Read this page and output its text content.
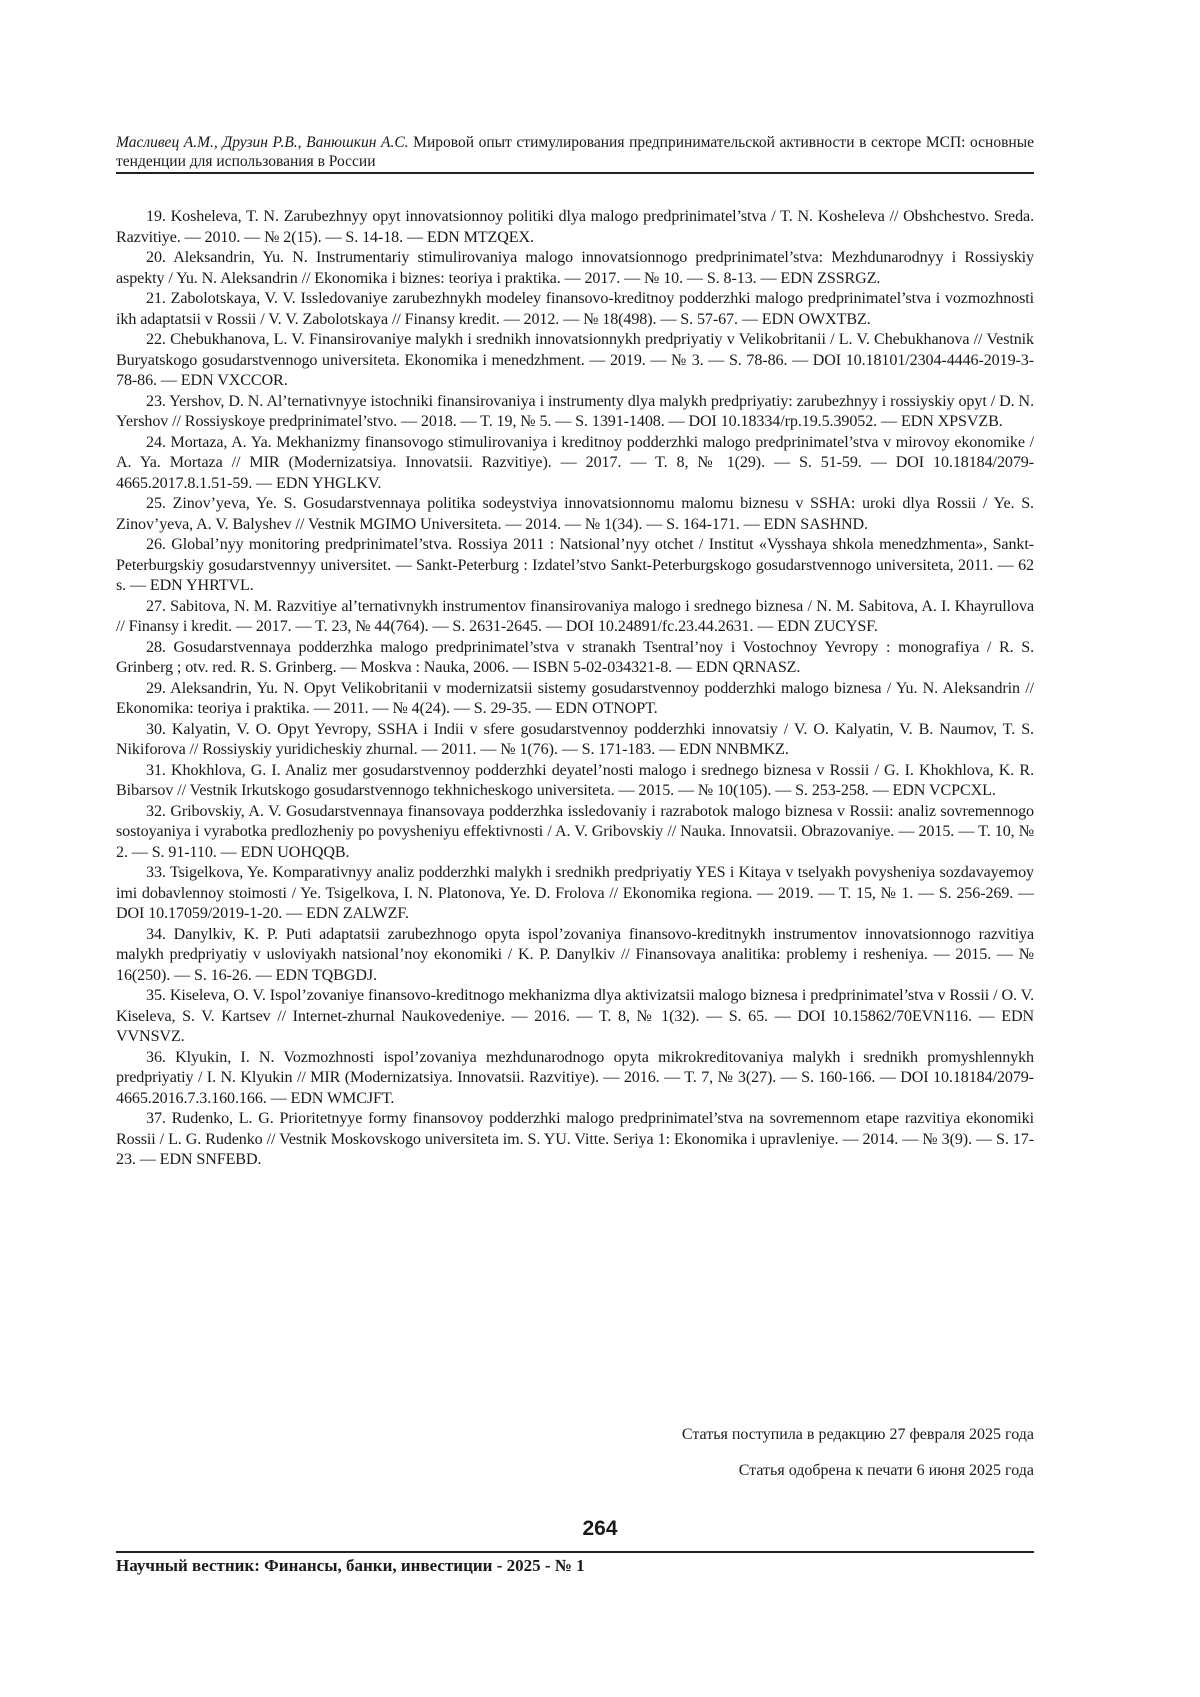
Масливец А.М., Друзин Р.В., Ванюшкин А.С. Мировой опыт стимулирования предпринимательской активности в секторе МСП: основные тенденции для использования в России

19. Kosheleva, T. N. Zarubezhnyy opyt innovatsionnoy politiki dlya malogo predprinimatel’stva / T. N. Kosheleva // Obshchestvo. Sreda. Razvitiye. — 2010. — № 2(15). — S. 14-18. — EDN MTZQEX.

20. Aleksandrin, Yu. N. Instrumentariy stimulirovaniya malogo innovatsionnogo predprinimatel’stva: Mezhdunarodnyy i Rossiyskiy aspekty / Yu. N. Aleksandrin // Ekonomika i biznes: teoriya i praktika. — 2017. — № 10. — S. 8-13. — EDN ZSSRGZ.

21. Zabolotskaya, V. V. Issledovaniye zarubezhnykh modeley finansovo-kreditnoy podderzhki malogo predprinimatel’stva i vozmozhnosti ikh adaptatsii v Rossii / V. V. Zabolotskaya // Finansy kredit. — 2012. — № 18(498). — S. 57-67. — EDN OWXTBZ.

22. Chebukhanova, L. V. Finansirovaniye malykh i srednikh innovatsionnykh predpriyatiy v Velikobritanii / L. V. Chebukhanova // Vestnik Buryatskogo gosudarstvennogo universiteta. Ekonomika i menedzhment. — 2019. — № 3. — S. 78-86. — DOI 10.18101/2304-4446-2019-3-78-86. — EDN VXCCOR.

23. Yershov, D. N. Al’ternativnyye istochniki finansirovaniya i instrumenty dlya malykh predpriyatiy: zarubezhnyy i rossiyskiy opyt / D. N. Yershov // Rossiyskoye predprinimatel’stvo. — 2018. — T. 19, № 5. — S. 1391-1408. — DOI 10.18334/rp.19.5.39052. — EDN XPSVZB.

24. Mortaza, A. Ya. Mekhanizmy finansovogo stimulirovaniya i kreditnoy podderzhki malogo predprinimatel’stva v mirovoy ekonomike / A. Ya. Mortaza // MIR (Modernizatsiya. Innovatsii. Razvitiye). — 2017. — T. 8, № 1(29). — S. 51-59. — DOI 10.18184/2079-4665.2017.8.1.51-59. — EDN YHGLKV.

25. Zinov’yeva, Ye. S. Gosudarstvennaya politika sodeystviya innovatsionnomu malomu biznesu v SSHA: uroki dlya Rossii / Ye. S. Zinov’yeva, A. V. Balyshev // Vestnik MGIMO Universiteta. — 2014. — № 1(34). — S. 164-171. — EDN SASHND.

26. Global’nyy monitoring predprinimatel’stva. Rossiya 2011 : Natsional’nyy otchet / Institut «Vysshaya shkola menedzhmenta», Sankt-Peterburgskiy gosudarstvennyy universitet. — Sankt-Peterburg : Izdatel’stvo Sankt-Peterburgskogo gosudarstvennogo universiteta, 2011. — 62 s. — EDN YHRTVL.

27. Sabitova, N. M. Razvitiye al’ternativnykh instrumentov finansirovaniya malogo i srednego biznesa / N. M. Sabitova, A. I. Khayrullova // Finansy i kredit. — 2017. — T. 23, № 44(764). — S. 2631-2645. — DOI 10.24891/fc.23.44.2631. — EDN ZUCYSF.

28. Gosudarstvennaya podderzhka malogo predprinimatel’stva v stranakh Tsentral’noy i Vostochnoy Yevropy : monografiya / R. S. Grinberg ; otv. red. R. S. Grinberg. — Moskva : Nauka, 2006. — ISBN 5-02-034321-8. — EDN QRNASZ.

29. Aleksandrin, Yu. N. Opyt Velikobritanii v modernizatsii sistemy gosudarstvennoy podderzhki malogo biznesa / Yu. N. Aleksandrin // Ekonomika: teoriya i praktika. — 2011. — № 4(24). — S. 29-35. — EDN OTNOPT.

30. Kalyatin, V. O. Opyt Yevropy, SSHA i Indii v sfere gosudarstvennoy podderzhki innovatsiy / V. O. Kalyatin, V. B. Naumov, T. S. Nikiforova // Rossiyskiy yuridicheskiy zhurnal. — 2011. — № 1(76). — S. 171-183. — EDN NNBMKZ.

31. Khokhlova, G. I. Analiz mer gosudarstvennoy podderzhki deyatel’nosti malogo i srednego biznesa v Rossii / G. I. Khokhlova, K. R. Bibarsov // Vestnik Irkutskogo gosudarstvennogo tekhnicheskogo universiteta. — 2015. — № 10(105). — S. 253-258. — EDN VCPCXL.

32. Gribovskiy, A. V. Gosudarstvennaya finansovaya podderzhka issledovaniy i razrabotok malogo biznesa v Rossii: analiz sovremennogo sostoyaniya i vyrabotka predlozheniy po povysheniyu effektivnosti / A. V. Gribovskiy // Nauka. Innovatsii. Obrazovaniye. — 2015. — T. 10, № 2. — S. 91-110. — EDN UOHQQB.

33. Tsigelkova, Ye. Komparativnyy analiz podderzhki malykh i srednikh predpriyatiy YES i Kitaya v tselyakh povysheniya sozdavayemoy imi dobavlennoy stoimosti / Ye. Tsigelkova, I. N. Platonova, Ye. D. Frolova // Ekonomika regiona. — 2019. — T. 15, № 1. — S. 256-269. — DOI 10.17059/2019-1-20. — EDN ZALWZF.

34. Danylkiv, K. P. Puti adaptatsii zarubezhnogo opyta ispol’zovaniya finansovo-kreditnykh instrumentov innovatsionnogo razvitiya malykh predpriyatiy v usloviyakh natsional’noy ekonomiki / K. P. Danylkiv // Finansovaya analitika: problemy i resheniya. — 2015. — № 16(250). — S. 16-26. — EDN TQBGDJ.

35. Kiseleva, O. V. Ispol’zovaniye finansovo-kreditnogo mekhanizma dlya aktivizatsii malogo biznesa i predprinimatel’stva v Rossii / O. V. Kiseleva, S. V. Kartsev // Internet-zhurnal Naukovedeniye. — 2016. — T. 8, № 1(32). — S. 65. — DOI 10.15862/70EVN116. — EDN VVNSVZ.

36. Klyukin, I. N. Vozmozhnosti ispol’zovaniya mezhdunarodnogo opyta mikrokreditovaniya malykh i srednikh promyshlennykh predpriyatiy / I. N. Klyukin // MIR (Modernizatsiya. Innovatsii. Razvitiye). — 2016. — T. 7, № 3(27). — S. 160-166. — DOI 10.18184/2079-4665.2016.7.3.160.166. — EDN WMCJFT.

37. Rudenko, L. G. Prioritetnyye formy finansovoy podderzhki malogo predprinimatel’stva na sovremennom etape razvitiya ekonomiki Rossii / L. G. Rudenko // Vestnik Moskovskogo universiteta im. S. YU. Vitte. Seriya 1: Ekonomika i upravleniye. — 2014. — № 3(9). — S. 17-23. — EDN SNFEBD.

Статья поступила в редакцию 27 февраля 2025 года
Статья одобрена к печати 6 июня 2025 года
264
Научный вестник: Финансы, банки, инвестиции - 2025 - № 1
